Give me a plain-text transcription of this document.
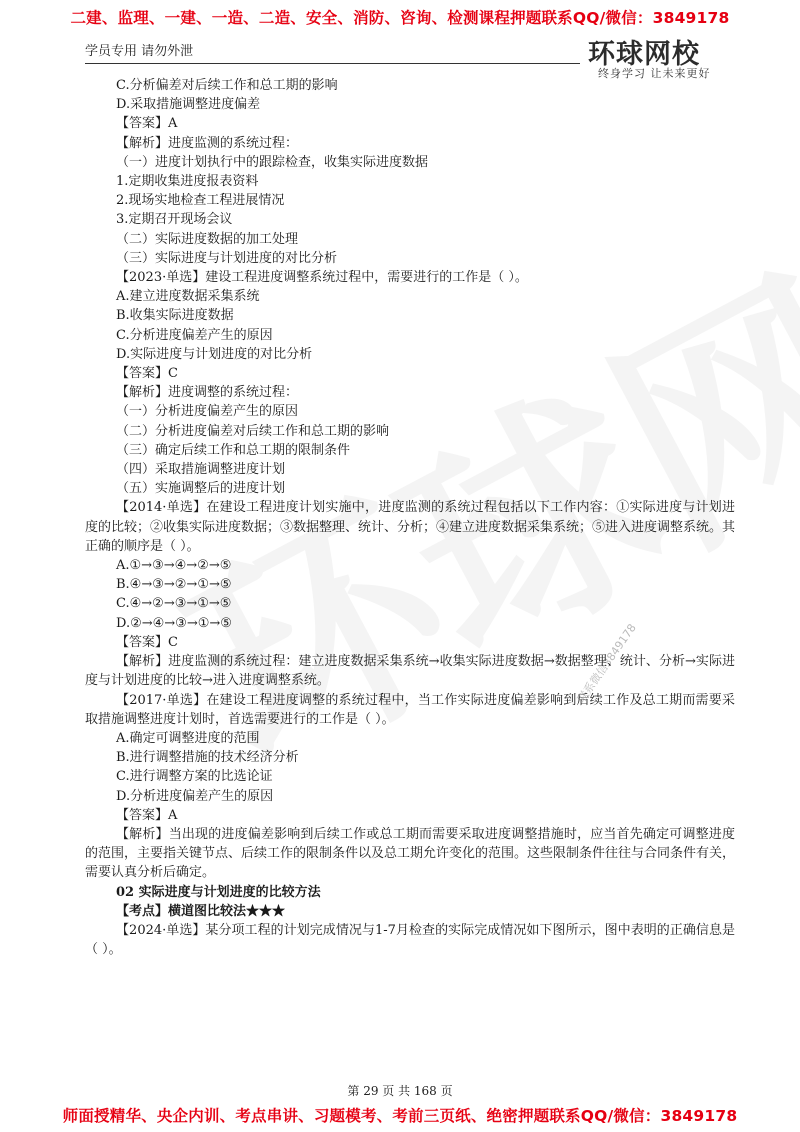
二建、监理、一建、一造、二造、安全、消防、咨询、检测课程押题联系QQ/微信：3849178
学员专用 请勿外泄	环球网校
终身学习 让未来更好
联系微信3849178
C.分析偏差对后续工作和总工期的影响
D.采取措施调整进度偏差
【答案】A
【解析】进度监测的系统过程：
（一）进度计划执行中的跟踪检查，收集实际进度数据
1.定期收集进度报表资料
2.现场实地检查工程进展情况
3.定期召开现场会议
（二）实际进度数据的加工处理
（三）实际进度与计划进度的对比分析
【2023·单选】建设工程进度调整系统过程中，需要进行的工作是（ ）。
A.建立进度数据采集系统
B.收集实际进度数据
C.分析进度偏差产生的原因
D.实际进度与计划进度的对比分析
【答案】C
【解析】进度调整的系统过程：
（一）分析进度偏差产生的原因
（二）分析进度偏差对后续工作和总工期的影响
（三）确定后续工作和总工期的限制条件
（四）采取措施调整进度计划
（五）实施调整后的进度计划
【2014·单选】在建设工程进度计划实施中，进度监测的系统过程包括以下工作内容：①实际进度与计划进度的比较；②收集实际进度数据；③数据整理、统计、分析；④建立进度数据采集系统；⑤进入进度调整系统。其正确的顺序是（ ）。
A.①→③→④→②→⑤
B.④→③→②→①→⑤
C.④→②→③→①→⑤
D.②→④→③→①→⑤
【答案】C
【解析】进度监测的系统过程：建立进度数据采集系统→收集实际进度数据→数据整理、统计、分析→实际进度与计划进度的比较→进入进度调整系统。
【2017·单选】在建设工程进度调整的系统过程中，当工作实际进度偏差影响到后续工作及总工期而需要采取措施调整进度计划时，首选需要进行的工作是（ ）。
A.确定可调整进度的范围
B.进行调整措施的技术经济分析
C.进行调整方案的比选论证
D.分析进度偏差产生的原因
【答案】A
【解析】当出现的进度偏差影响到后续工作或总工期而需要采取进度调整措施时，应当首先确定可调整进度的范围，主要指关键节点、后续工作的限制条件以及总工期允许变化的范围。这些限制条件往往与合同条件有关，需要认真分析后确定。
02 实际进度与计划进度的比较方法
【考点】横道图比较法★★★
【2024·单选】某分项工程的计划完成情况与1-7月检查的实际完成情况如下图所示，图中表明的正确信息是（ ）。
第 29 页 共 168 页
师面授精华、央企内训、考点串讲、习题模考、考前三页纸、绝密押题联系QQ/微信：3849178
